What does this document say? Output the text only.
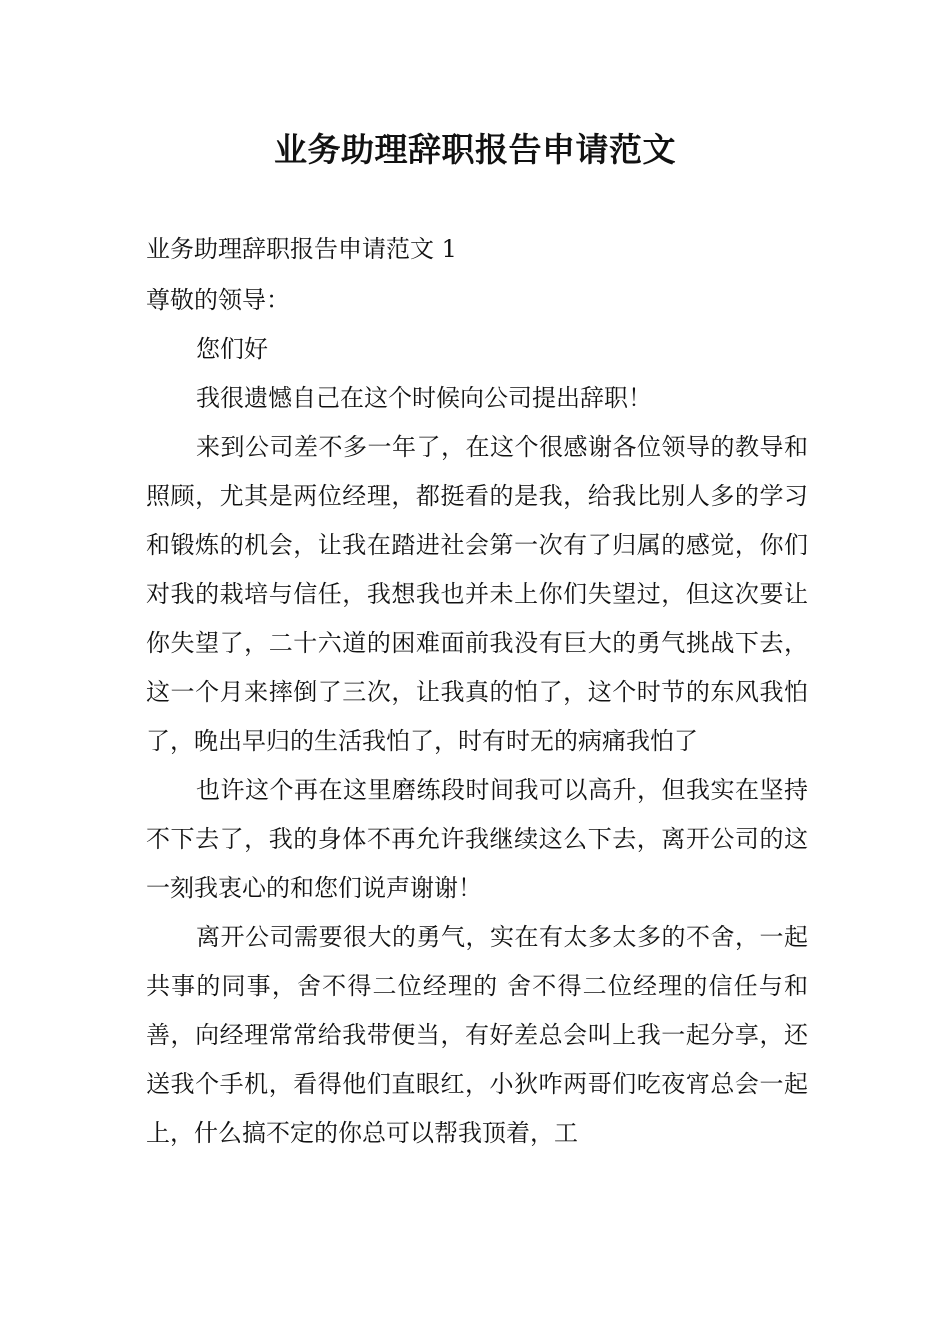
业务助理辞职报告申请范文

业务助理辞职报告申请范文 1

尊敬的领导：

您们好

我很遗憾自己在这个时候向公司提出辞职！

来到公司差不多一年了，在这个很感谢各位领导的教导和照顾，尤其是两位经理，都挺看的是我，给我比别人多的学习和锻炼的机会，让我在踏进社会第一次有了归属的感觉，你们对我的栽培与信任，我想我也并未上你们失望过，但这次要让你失望了，二十六道的困难面前我没有巨大的勇气挑战下去，这一个月来摔倒了三次，让我真的怕了，这个时节的东风我怕了，晚出早归的生活我怕了，时有时无的病痛我怕了

也许这个再在这里磨练段时间我可以高升，但我实在坚持不下去了，我的身体不再允许我继续这么下去，离开公司的这一刻我衷心的和您们说声谢谢！

离开公司需要很大的勇气，实在有太多太多的不舍，一起共事的同事，舍不得二位经理的 舍不得二位经理的信任与和善，向经理常常给我带便当，有好差总会叫上我一起分享，还送我个手机，看得他们直眼红，小狄咋两哥们吃夜宵总会一起上，什么搞不定的你总可以帮我顶着，工
